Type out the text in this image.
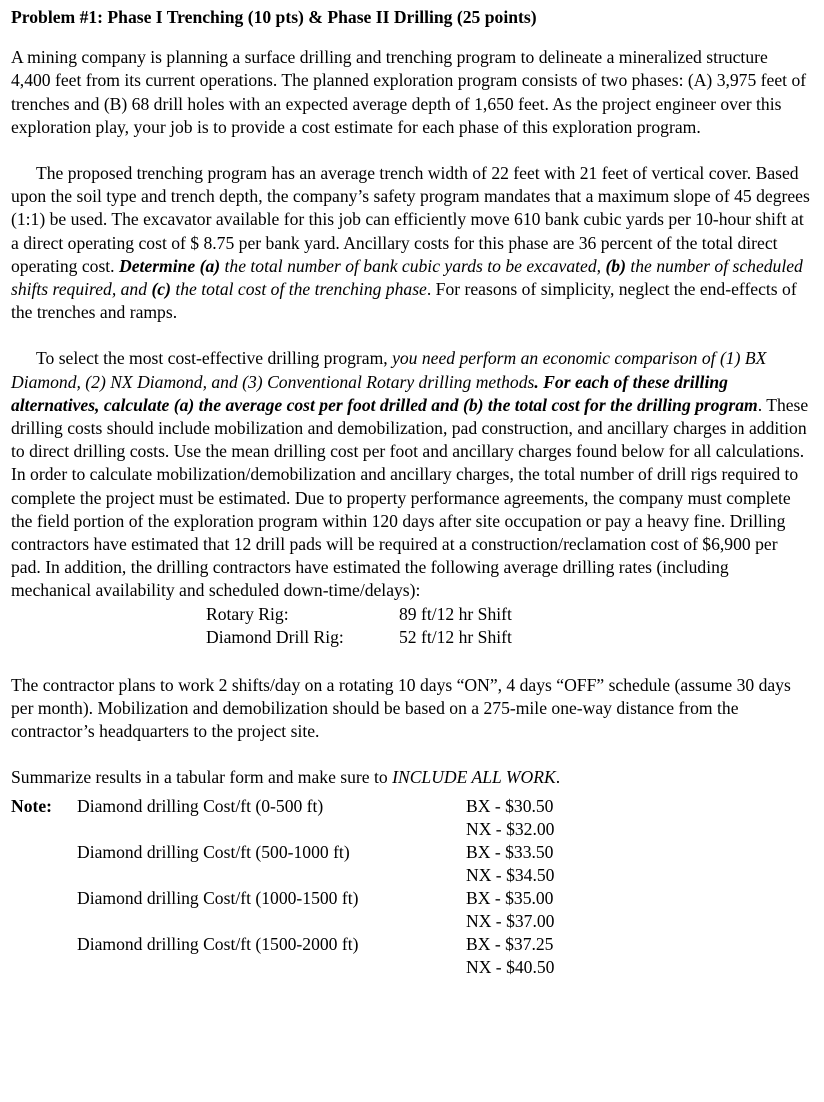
Problem #1: Phase I Trenching (10 pts) & Phase II Drilling (25 points)

A mining company is planning a surface drilling and trenching program to delineate a mineralized structure 4,400 feet from its current operations. The planned exploration program consists of two phases: (A) 3,975 feet of trenches and (B) 68 drill holes with an expected average depth of 1,650 feet. As the project engineer over this exploration play, your job is to provide a cost estimate for each phase of this exploration program.

The proposed trenching program has an average trench width of 22 feet with 21 feet of vertical cover. Based upon the soil type and trench depth, the company’s safety program mandates that a maximum slope of 45 degrees (1:1) be used. The excavator available for this job can efficiently move 610 bank cubic yards per 10-hour shift at a direct operating cost of $ 8.75 per bank yard. Ancillary costs for this phase are 36 percent of the total direct operating cost. Determine (a) the total number of bank cubic yards to be excavated, (b) the number of scheduled shifts required, and (c) the total cost of the trenching phase. For reasons of simplicity, neglect the end-effects of the trenches and ramps.

To select the most cost-effective drilling program, you need perform an economic comparison of (1) BX Diamond, (2) NX Diamond, and (3) Conventional Rotary drilling methods. For each of these drilling alternatives, calculate (a) the average cost per foot drilled and (b) the total cost for the drilling program. These drilling costs should include mobilization and demobilization, pad construction, and ancillary charges in addition to direct drilling costs. Use the mean drilling cost per foot and ancillary charges found below for all calculations. In order to calculate mobilization/demobilization and ancillary charges, the total number of drill rigs required to complete the project must be estimated. Due to property performance agreements, the company must complete the field portion of the exploration program within 120 days after site occupation or pay a heavy fine. Drilling contractors have estimated that 12 drill pads will be required at a construction/reclamation cost of $6,900 per pad. In addition, the drilling contractors have estimated the following average drilling rates (including mechanical availability and scheduled down-time/delays):

Rotary Rig:	89 ft/12 hr Shift
Diamond Drill Rig:	52 ft/12 hr Shift

The contractor plans to work 2 shifts/day on a rotating 10 days “ON”, 4 days “OFF” schedule (assume 30 days per month). Mobilization and demobilization should be based on a 275-mile one-way distance from the contractor’s headquarters to the project site.

Summarize results in a tabular form and make sure to INCLUDE ALL WORK.

Note: Diamond drilling Cost/ft (0-500 ft)	BX - $30.50
NX - $32.00
Diamond drilling Cost/ft (500-1000 ft)	BX - $33.50
NX - $34.50
Diamond drilling Cost/ft (1000-1500 ft)	BX - $35.00
NX - $37.00
Diamond drilling Cost/ft (1500-2000 ft)	BX - $37.25
NX - $40.50
